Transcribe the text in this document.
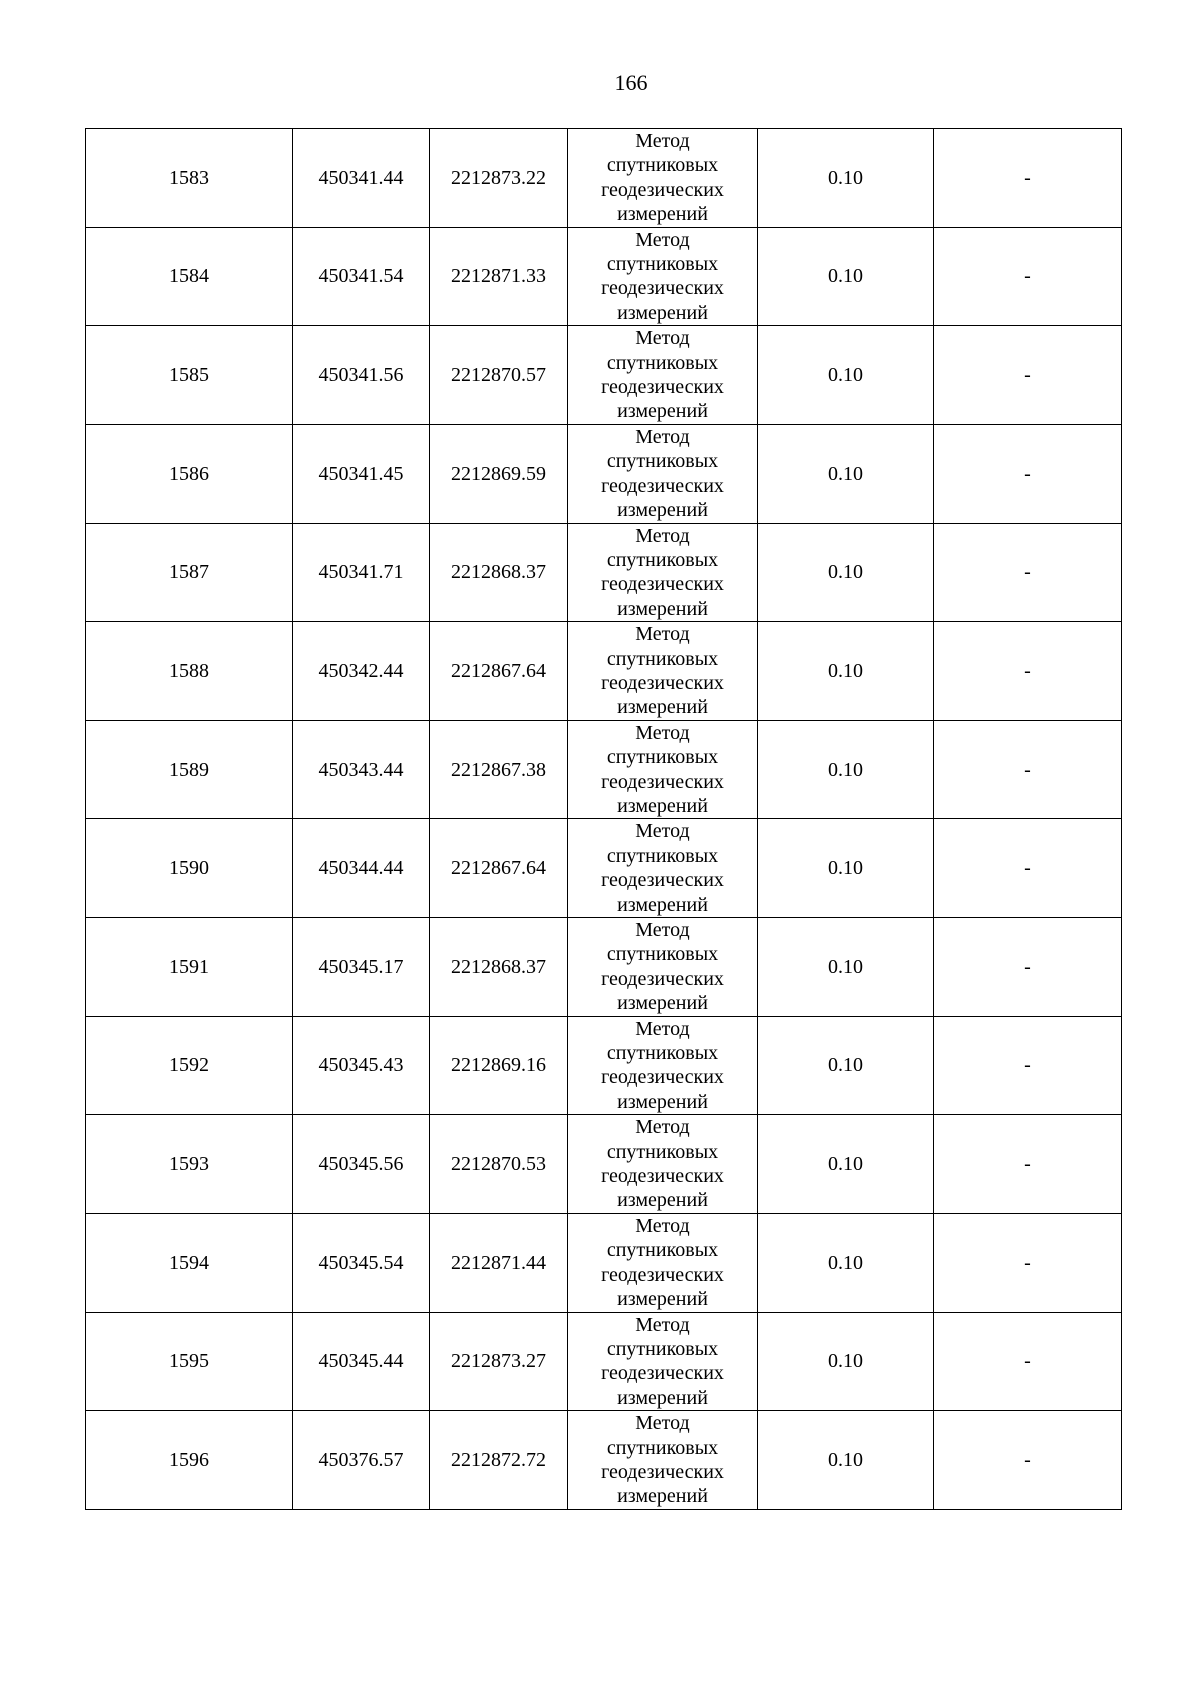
166
1583	450341.44	2212873.22	Метод
спутниковых
геодезических
измерений	0.10	-
1584	450341.54	2212871.33	Метод
спутниковых
геодезических
измерений	0.10	-
1585	450341.56	2212870.57	Метод
спутниковых
геодезических
измерений	0.10	-
1586	450341.45	2212869.59	Метод
спутниковых
геодезических
измерений	0.10	-
1587	450341.71	2212868.37	Метод
спутниковых
геодезических
измерений	0.10	-
1588	450342.44	2212867.64	Метод
спутниковых
геодезических
измерений	0.10	-
1589	450343.44	2212867.38	Метод
спутниковых
геодезических
измерений	0.10	-
1590	450344.44	2212867.64	Метод
спутниковых
геодезических
измерений	0.10	-
1591	450345.17	2212868.37	Метод
спутниковых
геодезических
измерений	0.10	-
1592	450345.43	2212869.16	Метод
спутниковых
геодезических
измерений	0.10	-
1593	450345.56	2212870.53	Метод
спутниковых
геодезических
измерений	0.10	-
1594	450345.54	2212871.44	Метод
спутниковых
геодезических
измерений	0.10	-
1595	450345.44	2212873.27	Метод
спутниковых
геодезических
измерений	0.10	-
1596	450376.57	2212872.72	Метод
спутниковых
геодезических
измерений	0.10	-
